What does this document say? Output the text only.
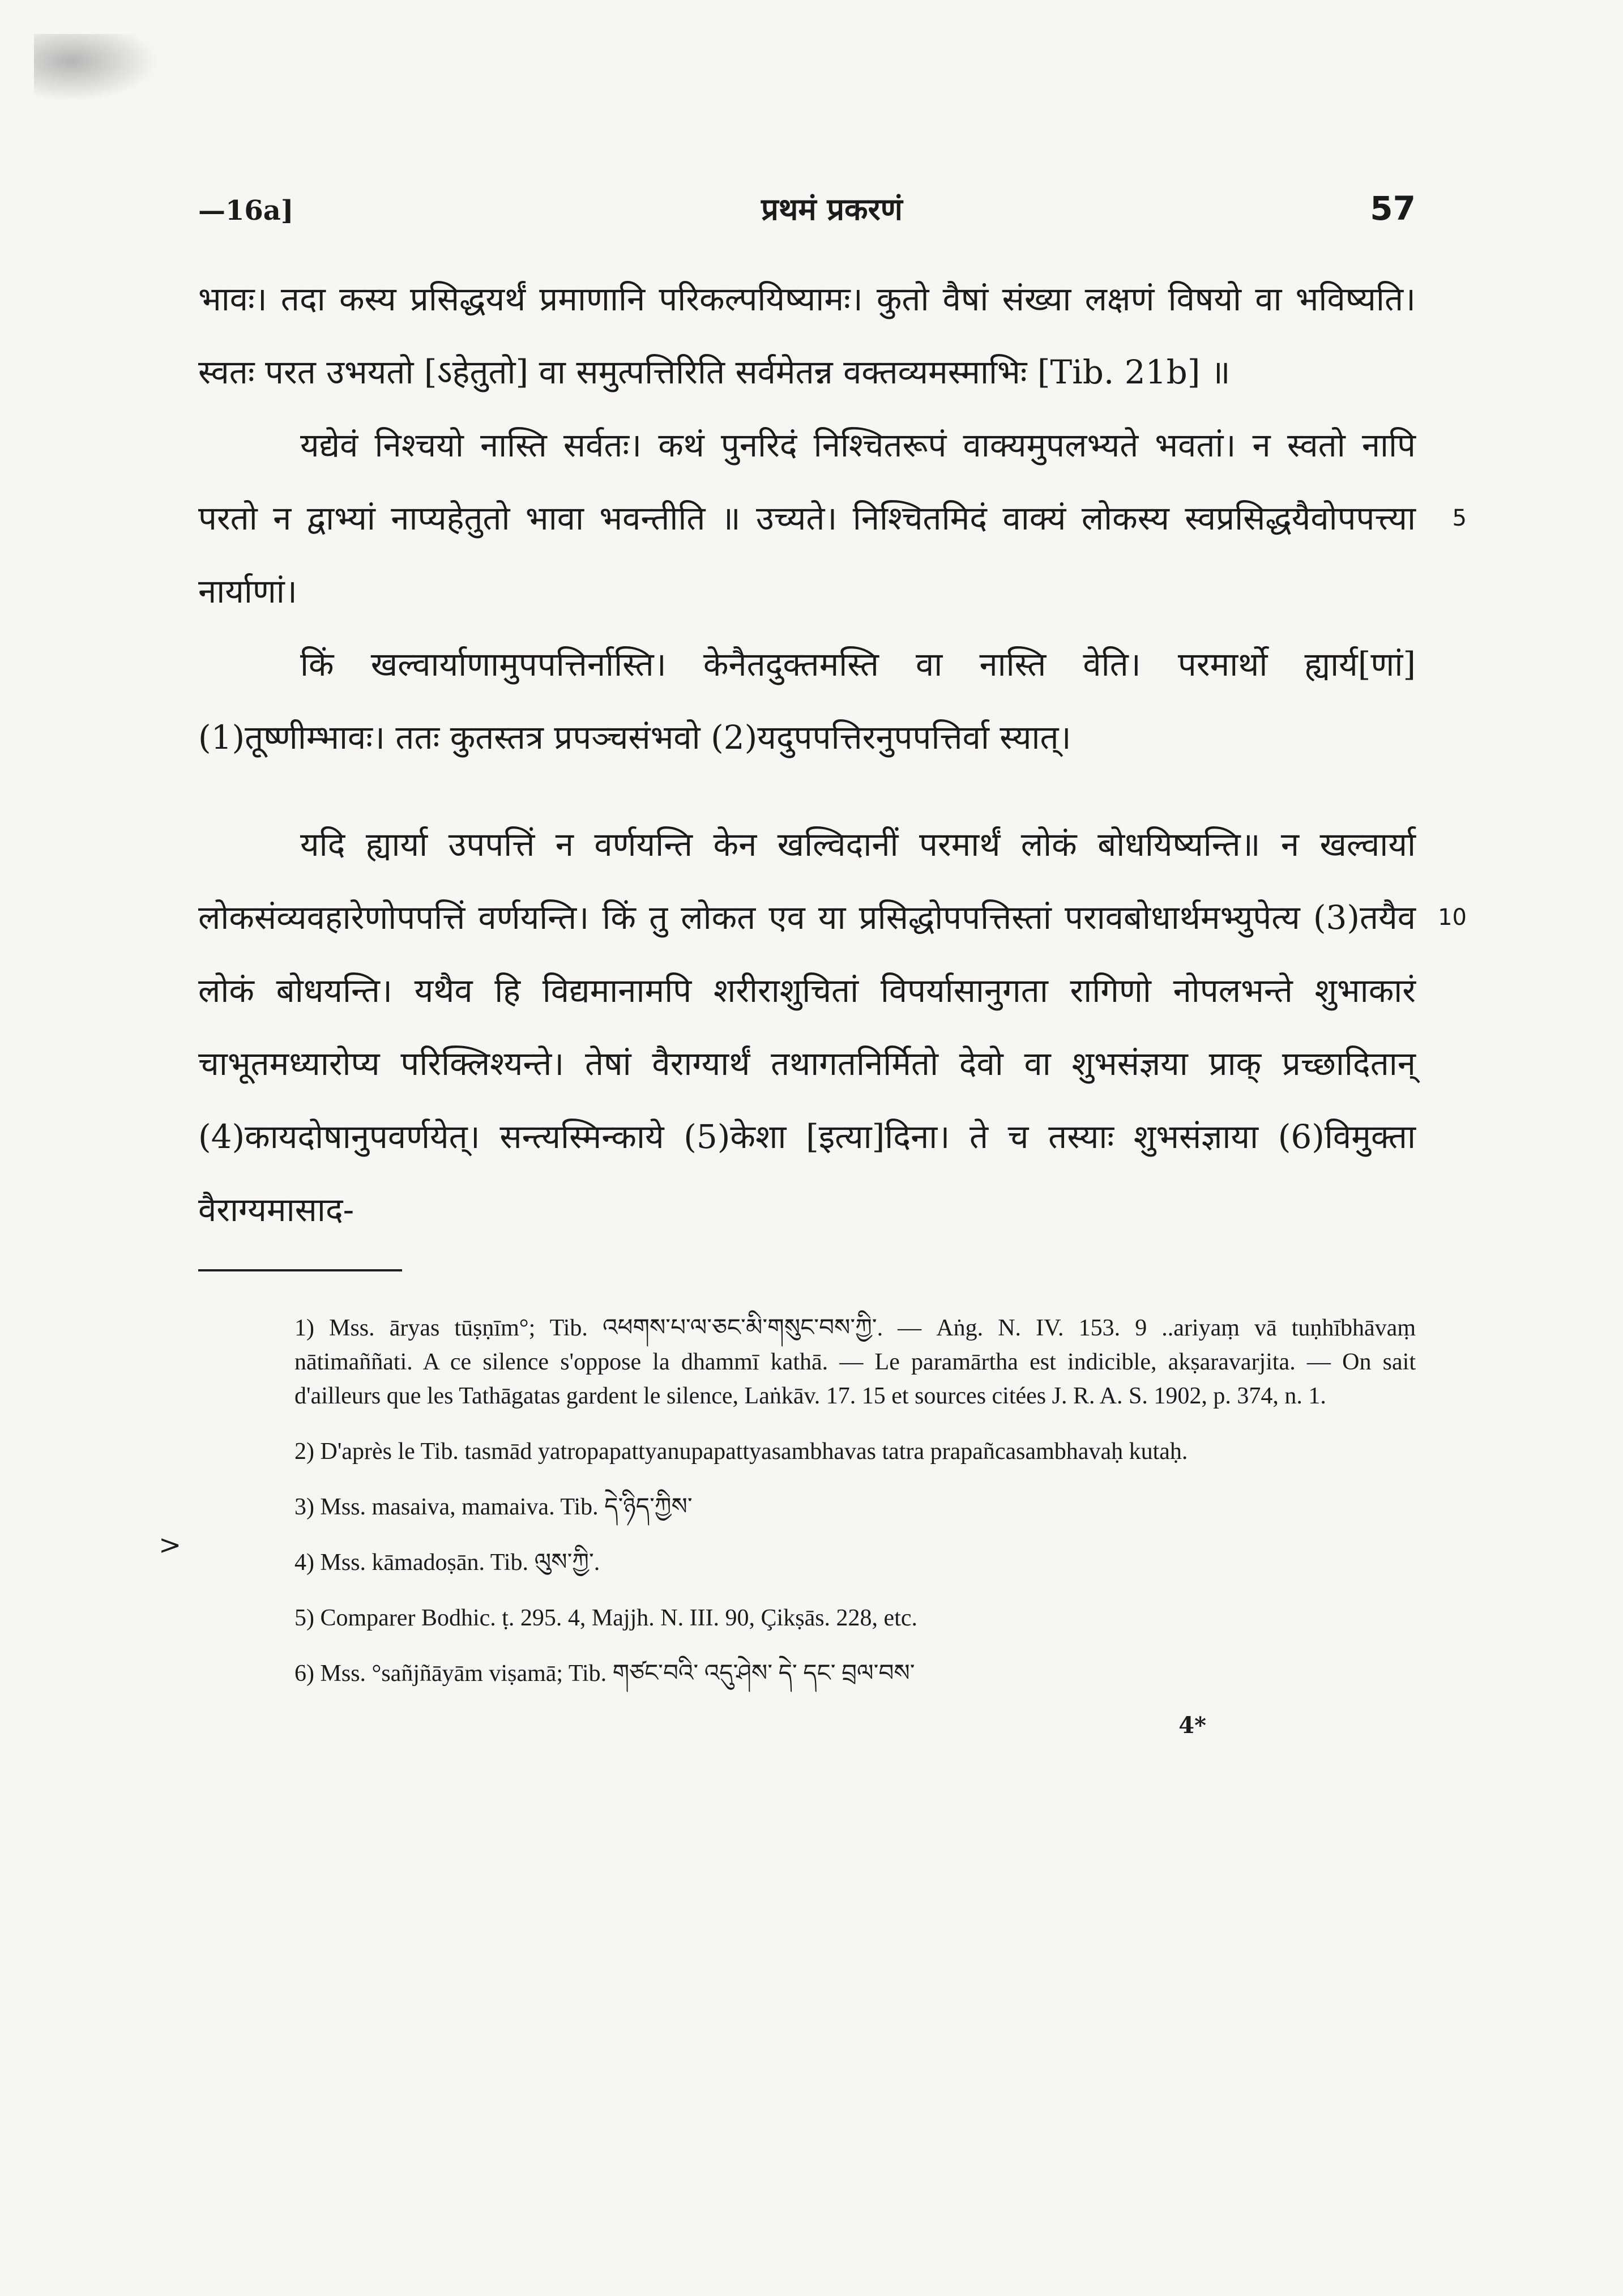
—16a]	प्रथमं प्रकरणं	57
भावः। तदा कस्य प्रसिद्धयर्थं प्रमाणानि परिकल्पयिष्यामः। कुतो वैषां संख्या लक्षणं विषयो वा भविष्यति। स्वतः परत उभयतो [ऽहेतुतो] वा समुत्पत्तिरिति सर्वमेतन्न वक्तव्यमस्माभिः [Tib. 21b] ॥
यद्येवं निश्चयो नास्ति सर्वतः। कथं पुनरिदं निश्चितरूपं वाक्यमुपलभ्यते भवतां। न स्वतो नापि परतो न द्वाभ्यां नाप्यहेतुतो भावा भवन्तीति ॥ उच्यते। निश्चितमिदं वाक्यं लोकस्य स्वप्रसिद्धयैवोपपत्त्या नार्याणां।
5
किं खल्वार्याणामुपपत्तिर्नास्ति। केनैतदुक्तमस्ति वा नास्ति वेति। परमार्थो ह्यार्य[णां] (1)तूष्णीम्भावः। ततः कुतस्तत्र प्रपञ्चसंभवो (2)यदुपपत्तिरनुपपत्तिर्वा स्यात्।
यदि ह्यार्या उपपत्तिं न वर्णयन्ति केन खल्विदानीं परमार्थं लोकं बोधयिष्यन्ति॥ न खल्वार्या लोकसंव्यवहारेणोपपत्तिं वर्णयन्ति। किं तु लोकत एव या प्रसिद्धोपपत्तिस्तां परावबोधार्थमभ्युपेत्य (3)तयैव लोकं बोधयन्ति। यथैव हि विद्यमानामपि शरीराशुचितां विपर्यासानुगता रागिणो नोपलभन्ते शुभाकारं चाभूतमध्यारोप्य परिक्लिश्यन्ते। तेषां वैराग्यार्थं तथागतनिर्मितो देवो वा शुभसंज्ञया प्राक् प्रच्छादितान् (4)कायदोषानुपवर्णयेत्। सन्त्यस्मिन्काये (5)केशा [इत्या]दिना। ते च तस्याः शुभसंज्ञाया (6)विमुक्ता वैराग्यमासाद-
10
1) Mss. āryas tūṣṇīm°; Tib. འཕགས་པ་ལ་ཅང་མི་གསུང་བས་ཀྱི་. — Aṅg. N. IV. 153. 9 ..ariyaṃ vā tuṇhībhāvaṃ nātimaññati. A ce silence s'oppose la dhammī kathā. — Le paramārtha est indicible, akṣaravarjita. — On sait d'ailleurs que les Tathāgatas gardent le silence, Laṅkāv. 17. 15 et sources citées J. R. A. S. 1902, p. 374, n. 1.
2) D'après le Tib. tasmād yatropapattyanupapattyasambhavas tatra prapañcasambhavaḥ kutaḥ.
3) Mss. masaiva, mamaiva. Tib. དེ་ཉིད་ཀྱིས་
4) Mss. kāmadoṣān. Tib. ལུས་ཀྱི་.
5) Comparer Bodhic. ṭ. 295. 4, Majjh. N. III. 90, Çikṣās. 228, etc.
6) Mss. °sañjñāyām viṣamā; Tib. གཙང་བའི་ འདུ་ཤེས་ དེ་ དང་ བྲལ་བས་
4*
>
